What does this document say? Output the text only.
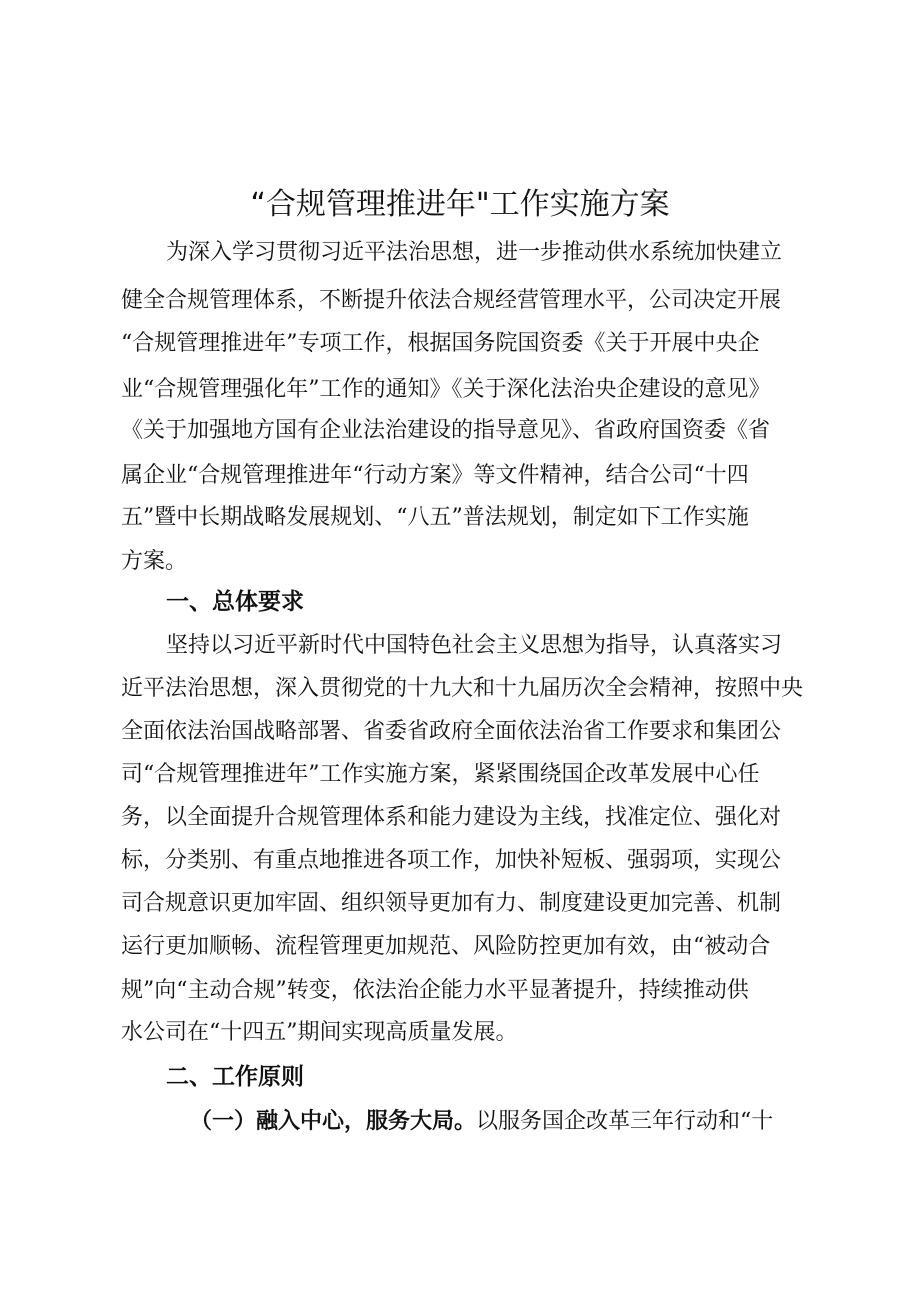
“合规管理推进年"工作实施方案

为深入学习贯彻习近平法治思想，进一步推动供水系统加快建立

健全合规管理体系，不断提升依法合规经营管理水平，公司决定开展

“合规管理推进年”专项工作，根据国务院国资委《关于开展中央企

业“合规管理强化年”工作的通知》《关于深化法治央企建设的意见》

《关于加强地方国有企业法治建设的指导意见》、省政府国资委《省

属企业“合规管理推进年“行动方案》等文件精神，结合公司“十四

五”暨中长期战略发展规划、“八五”普法规划，制定如下工作实施

方案。

一、总体要求

坚持以习近平新时代中国特色社会主义思想为指导，认真落实习

近平法治思想，深入贯彻党的十九大和十九届历次全会精神，按照中央

全面依法治国战略部署、省委省政府全面依法治省工作要求和集团公

司“合规管理推进年”工作实施方案，紧紧围绕国企改革发展中心任

务，以全面提升合规管理体系和能力建设为主线，找准定位、强化对

标，分类别、有重点地推进各项工作，加快补短板、强弱项，实现公

司合规意识更加牢固、组织领导更加有力、制度建设更加完善、机制

运行更加顺畅、流程管理更加规范、风险防控更加有效，由“被动合

规”向“主动合规”转变，依法治企能力水平显著提升，持续推动供

水公司在“十四五”期间实现高质量发展。

二、工作原则

（一）融入中心，服务大局。以服务国企改革三年行动和“十
